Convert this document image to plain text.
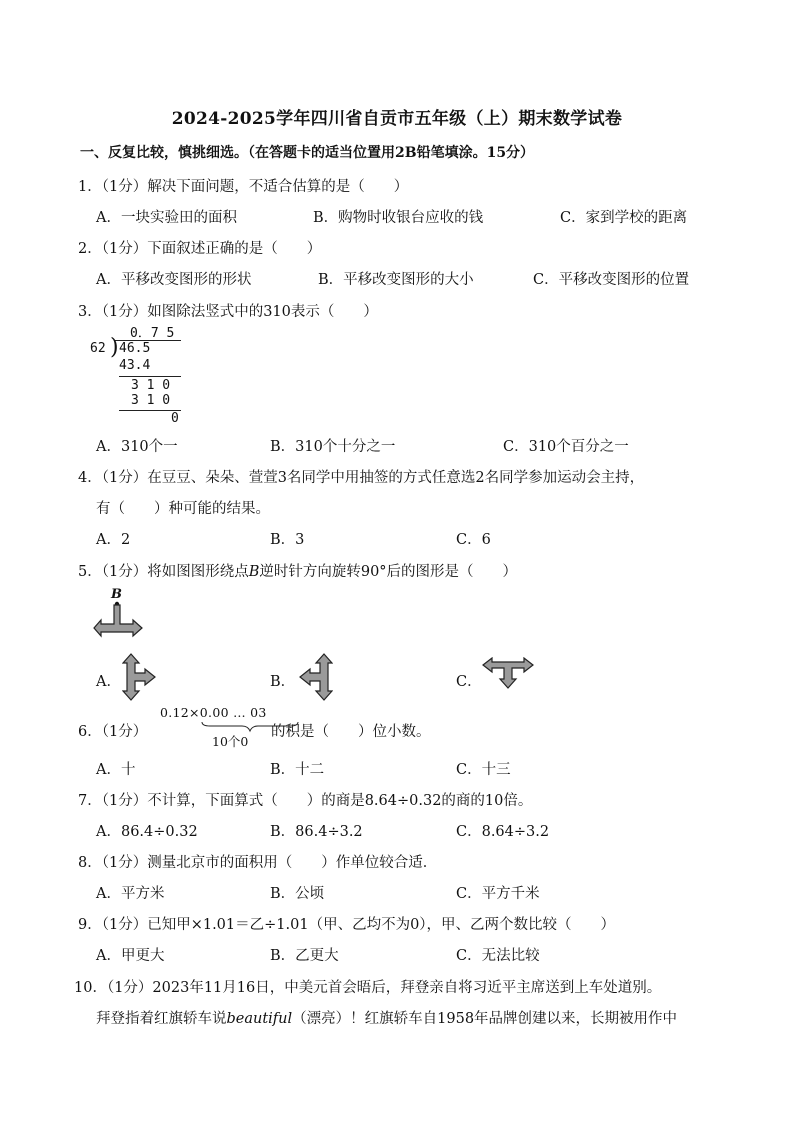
2024-2025学年四川省自贡市五年级（上）期末数学试卷
一、反复比较，慎挑细选。（在答题卡的适当位置用2B铅笔填涂。15分）
1．（1分）解决下面问题，不适合估算的是（　　）
A．一块实验田的面积	B．购物时收银台应收的钱	C．家到学校的距离
2．（1分）下面叙述正确的是（　　）
A．平移改变图形的形状	B．平移改变图形的大小	C．平移改变图形的位置
3．（1分）如图除法竖式中的310表示（　　）
0．7 5
62 ) 46.5
43.4
3 1 0
3 1 0
0
A．310个一	B．310个十分之一	C．310个百分之一
4．（1分）在豆豆、朵朵、萱萱3名同学中用抽签的方式任意选2名同学参加运动会主持，
有（　　）种可能的结果。
A．2	B．3	C．6
5．（1分）将如图图形绕点B逆时针方向旋转90°后的图形是（　　）
B
A．	B．	C．
6．（1分）
0.12×0.00 … 03
10个0
的积是（　　）位小数。
A．十	B．十二	C．十三
7．（1分）不计算，下面算式（　　）的商是8.64÷0.32的商的10倍。
A．86.4÷0.32	B．86.4÷3.2	C．8.64÷3.2
8．（1分）测量北京市的面积用（　　）作单位较合适．
A．平方米	B．公顷	C．平方千米
9．（1分）已知甲×1.01＝乙÷1.01（甲、乙均不为0），甲、乙两个数比较（　　）
A．甲更大	B．乙更大	C．无法比较
10．（1分）2023年11月16日，中美元首会晤后，拜登亲自将习近平主席送到上车处道别。
拜登指着红旗轿车说beautiful（漂亮）！红旗轿车自1958年品牌创建以来，长期被用作中
